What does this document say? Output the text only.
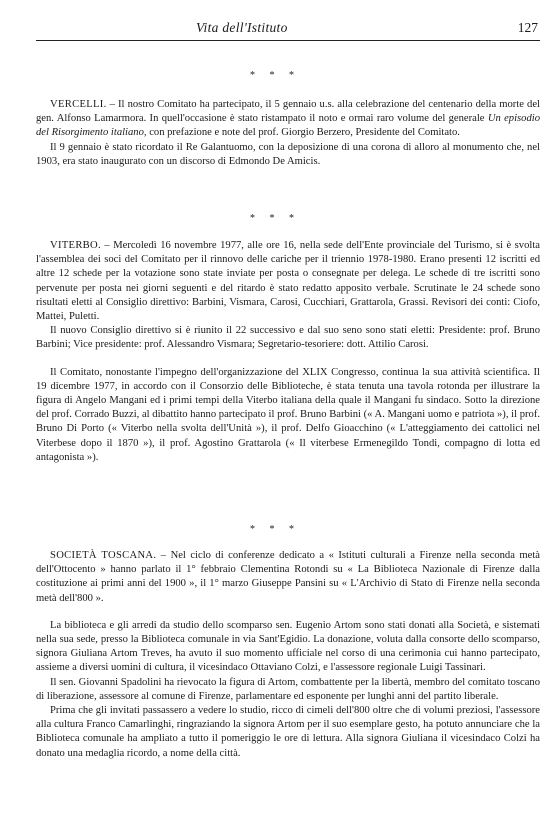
Vita dell'Istituto	127
* * *

VERCELLI. – Il nostro Comitato ha partecipato, il 5 gennaio u.s. alla celebrazione del centenario della morte del gen. Alfonso Lamarmora. In quell'occasione è stato ristampato il noto e ormai raro volume del generale Un episodio del Risorgimento italiano, con prefazione e note del prof. Giorgio Berzero, Presidente del Comitato.

Il 9 gennaio è stato ricordato il Re Galantuomo, con la deposizione di una corona di alloro al monumento che, nel 1903, era stato inaugurato con un discorso di Edmondo De Amicis.

* * *

VITERBO. – Mercoledì 16 novembre 1977, alle ore 16, nella sede dell'Ente provinciale del Turismo, si è svolta l'assemblea dei soci del Comitato per il rinnovo delle cariche per il triennio 1978-1980. Erano presenti 12 iscritti ed altre 12 schede per la votazione sono state inviate per posta o consegnate per delega. Le schede di tre iscritti sono pervenute per posta nei giorni seguenti e del ritardo è stato redatto apposito verbale. Scrutinate le 24 schede sono risultati eletti al Consiglio direttivo: Barbini, Vismara, Carosi, Cucchiari, Grattarola, Grassi. Revisori dei conti: Ciofo, Mattei, Puletti.

Il nuovo Consiglio direttivo si è riunito il 22 successivo e dal suo seno sono stati eletti: Presidente: prof. Bruno Barbini; Vice presidente: prof. Alessandro Vismara; Segretario-tesoriere: dott. Attilio Carosi.

Il Comitato, nonostante l'impegno dell'organizzazione del XLIX Congresso, continua la sua attività scientifica. Il 19 dicembre 1977, in accordo con il Consorzio delle Biblioteche, è stata tenuta una tavola rotonda per illustrare la figura di Angelo Mangani ed i primi tempi della Viterbo italiana della quale il Mangani fu sindaco. Sotto la direzione del prof. Corrado Buzzi, al dibattito hanno partecipato il prof. Bruno Barbini (« A. Mangani uomo e patriota »), il prof. Bruno Di Porto (« Viterbo nella svolta dell'Unità »), il prof. Delfo Gioacchino (« L'atteggiamento dei cattolici nel Viterbese dopo il 1870 »), il prof. Agostino Grattarola (« Il viterbese Ermenegildo Tondi, compagno di lotta ed antagonista »).

* * *

SOCIETÀ TOSCANA. – Nel ciclo di conferenze dedicato a « Istituti culturali a Firenze nella seconda metà dell'Ottocento » hanno parlato il 1° febbraio Clementina Rotondi su « La Biblioteca Nazionale di Firenze dalla costituzione ai primi anni del 1900 », il 1° marzo Giuseppe Pansini su « L'Archivio di Stato di Firenze nella seconda metà dell'800 ».

La biblioteca e gli arredi da studio dello scomparso sen. Eugenio Artom sono stati donati alla Società, e sistemati nella sua sede, presso la Biblioteca comunale in via Sant'Egidio. La donazione, voluta dalla consorte dello scomparso, signora Giuliana Artom Treves, ha avuto il suo momento ufficiale nel corso di una cerimonia cui hanno partecipato, assieme a diversi uomini di cultura, il vicesindaco Ottaviano Colzi, e l'assessore regionale Luigi Tassinari.

Il sen. Giovanni Spadolini ha rievocato la figura di Artom, combattente per la libertà, membro del comitato toscano di liberazione, assessore al comune di Firenze, parlamentare ed esponente per lunghi anni del partito liberale.

Prima che gli invitati passassero a vedere lo studio, ricco di cimeli dell'800 oltre che di volumi preziosi, l'assessore alla cultura Franco Camarlinghi, ringraziando la signora Artom per il suo esemplare gesto, ha potuto annunciare che la Biblioteca comunale ha ampliato a tutto il pomeriggio le ore di lettura. Alla signora Giuliana il vicesindaco Colzi ha donato una medaglia ricordo, a nome della città.
